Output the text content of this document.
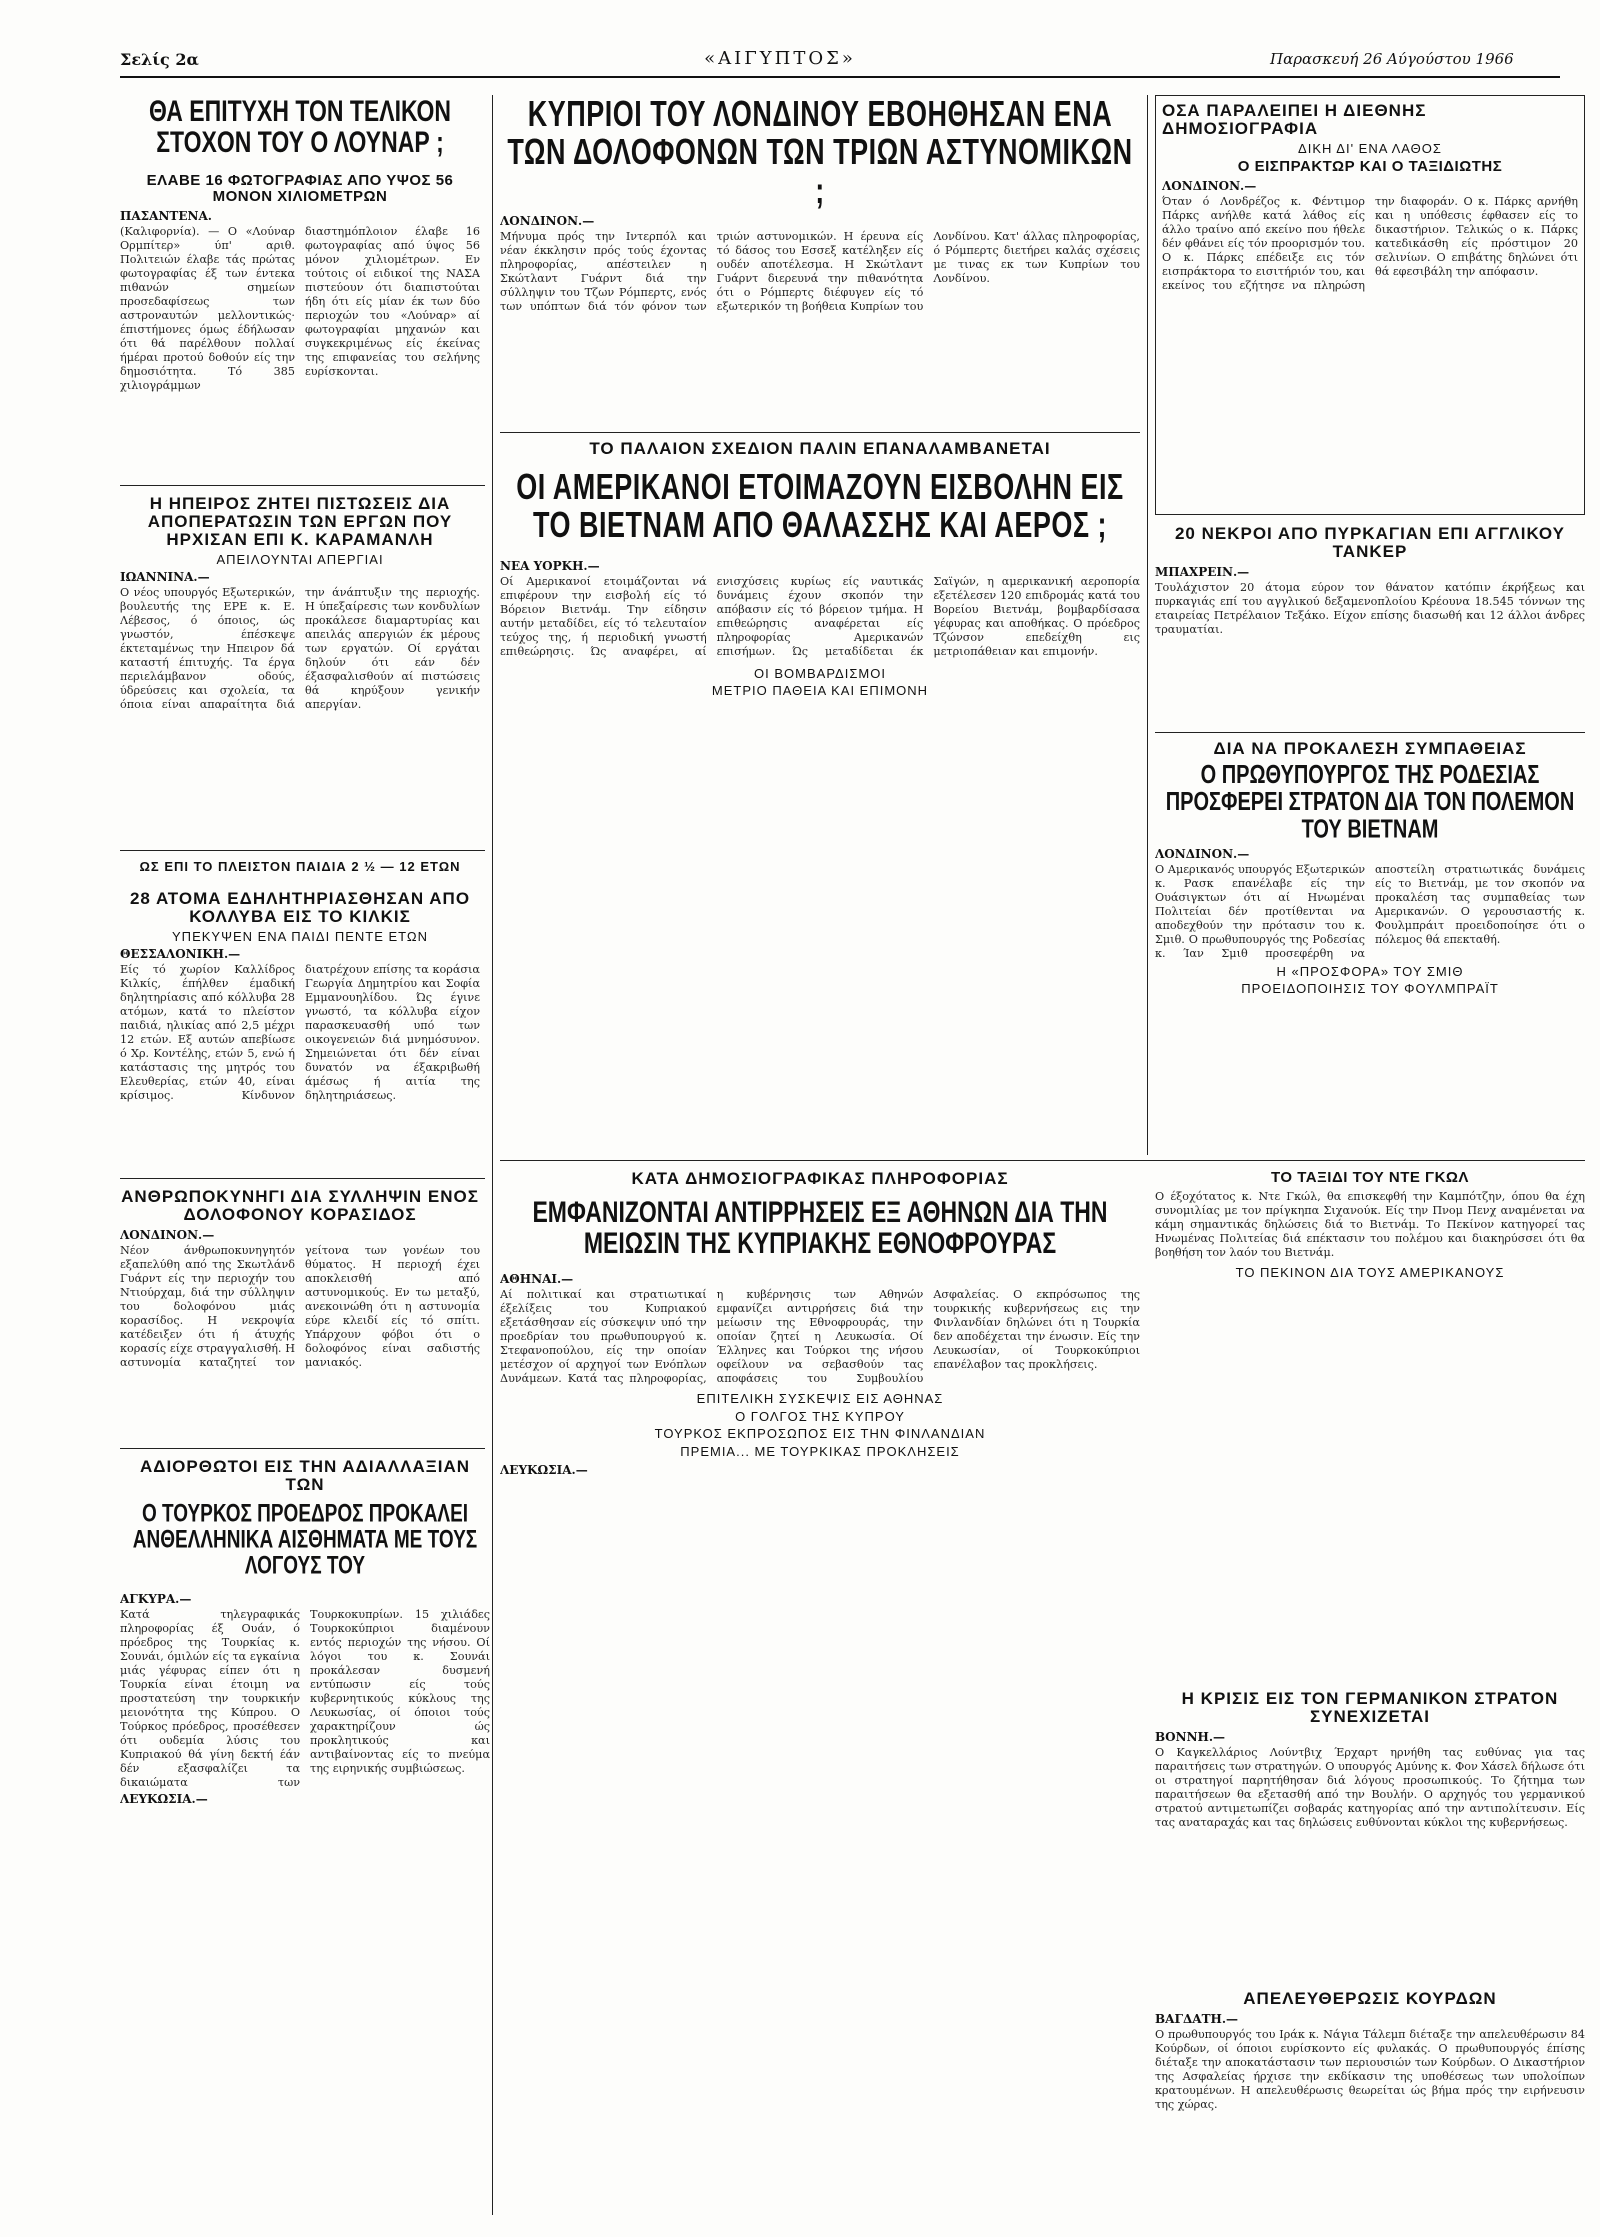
Σελίς 2α	«ΑΙΓΥΠΤΟΣ»	Παρασκευή 26 Αύγούστου 1966
ΘΑ ΕΠΙΤΥΧΗ ΤΟΝ ΤΕΛΙΚΟΝ ΣΤΟΧΟΝ ΤΟΥ Ο ΛΟΥΝΑΡ ;
ΕΛΑΒΕ 16 ΦΩΤΟΓΡΑΦΙΑΣ ΑΠΟ ΥΨΟΣ 56 ΜΟΝΟΝ ΧΙΛΙΟΜΕΤΡΩΝ
ΠΑΣΑΝΤΕΝΑ.

(Καλιφορνία). — Ο «Λούναρ Ορμπίτερ» ύπ' αριθ. Πολιτειών έλαβε τάς πρώτας φωτογραφίας έξ των έντεκα πιθανών σημείων προσεδαφίσεως των αστροναυτών μελλοντικώς· έπιστήμονες όμως έδήλωσαν ότι θά παρέλθουν πολλαί ήμέραι προτού δοθούν είς την δημοσιότητα. Τό 385 χιλιογράμμων διαστημόπλοιον έλαβε 16 φωτογραφίας από ύψος 56 μόνον χιλιομέτρων. Εν τούτοις οί ειδικοί της ΝΑΣΑ πιστεύουν ότι διαπιστούται ήδη ότι είς μίαν έκ των δύο περιοχών του «Λούναρ» αί φωτογραφίαι μηχανών και συγκεκριμένως είς έκείνας της επιφανείας του σελήνης ευρίσκονται.

Η ΗΠΕΙΡΟΣ ΖΗΤΕΙ ΠΙΣΤΩΣΕΙΣ ΔΙΑ ΑΠΟΠΕΡΑΤΩΣΙΝ ΤΩΝ ΕΡΓΩΝ ΠΟΥ ΗΡΧΙΣΑΝ ΕΠΙ Κ. ΚΑΡΑΜΑΝΛΗ
ΑΠΕΙΛΟΥΝΤΑΙ ΑΠΕΡΓΙΑΙ
ΙΩΑΝΝΙΝΑ.—

Ο νέος υπουργός Εξωτερικών, βουλευτής της ΕΡΕ κ. Ε. Λέβεσος, ό όποιος, ώς γνωστόν, έπέσκεψε έκτεταμένως την Ηπειρον δά καταστή έπιτυχής. Τα έργα περιελάμβανον οδούς, ύδρεύσεις και σχολεία, τα όποια είναι απαραίτητα διά την άνάπτυξιν της περιοχής. Η ύπεξαίρεσις των κονδυλίων προκάλεσε διαμαρτυρίας και απειλάς απεργιών έκ μέρους των εργατών. Οί εργάται δηλούν ότι εάν δέν έξασφαλισθούν αί πιστώσεις θά κηρύξουν γενικήν απεργίαν.

ΩΣ ΕΠΙ ΤΟ ΠΛΕΙΣΤΟΝ ΠΑΙΔΙΑ 2 ½ — 12 ΕΤΩΝ
28 ΑΤΟΜΑ ΕΔΗΛΗΤΗΡΙΑΣΘΗΣΑΝ ΑΠΟ ΚΟΛΛΥΒΑ ΕΙΣ ΤΟ ΚΙΛΚΙΣ
ΥΠΕΚΥΨΕΝ ΕΝΑ ΠΑΙΔΙ ΠΕΝΤΕ ΕΤΩΝ
ΘΕΣΣΑΛΟΝΙΚΗ.—

Είς τό χωρίον Καλλίδρος Κιλκίς, έπήλθεν έμαδική δηλητηρίασις από κόλλυβα 28 ατόμων, κατά το πλείστον παιδιά, ηλικίας από 2,5 μέχρι 12 ετών. Εξ αυτών απεβίωσε ό Χρ. Κοντέλης, ετών 5, ενώ ή κατάστασις της μητρός του Ελευθερίας, ετών 40, είναι κρίσιμος. Κίνδυνον διατρέχουν επίσης τα κοράσια Γεωργία Δημητρίου και Σοφία Εμμανουηλίδου. Ώς έγινε γνωστό, τα κόλλυβα είχον παρασκευασθή υπό των οικογενειών διά μνημόσυνον. Σημειώνεται ότι δέν είναι δυνατόν να έξακριβωθή άμέσως ή αιτία της δηλητηριάσεως.

ΑΝΘΡΩΠΟΚΥΝΗΓΙ ΔΙΑ ΣΥΛΛΗΨΙΝ ΕΝΟΣ ΔΟΛΟΦΟΝΟΥ ΚΟΡΑΣΙΔΟΣ
ΛΟΝΔΙΝΟΝ.—

Νέον άνθρωποκυνηγητόν εξαπελύθη από της Σκωτλάνδ Γυάρντ είς την περιοχήν του Ντιούρχαμ, διά την σύλληψιν του δολοφόνου μιάς κορασίδος. Η νεκροψία κατέδειξεν ότι ή άτυχής κορασίς είχε στραγγαλισθή. Η αστυνομία καταζητεί τον γείτονα των γονέων του θύματος. Η περιοχή έχει αποκλεισθή από αστυνομικούς. Εν τω μεταξύ, ανεκοινώθη ότι η αστυνομία εύρε κλειδί είς τό σπίτι. Υπάρχουν φόβοι ότι ο δολοφόνος είναι σαδιστής μανιακός.

ΚΥΠΡΙΟΙ ΤΟΥ ΛΟΝΔΙΝΟΥ ΕΒΟΗΘΗΣΑΝ ΕΝΑ ΤΩΝ ΔΟΛΟΦΟΝΩΝ ΤΩΝ ΤΡΙΩΝ ΑΣΤΥΝΟΜΙΚΩΝ ;
ΛΟΝΔΙΝΟΝ.—

Μήνυμα πρός την Ιντερπόλ και νέαν έκκλησιν πρός τούς έχοντας πληροφορίας, απέστειλεν η Σκώτλαντ Γυάρντ διά την σύλληψιν του Τζων Ρόμπερτς, ενός των υπόπτων διά τόν φόνον των τριών αστυνομικών. Η έρευνα είς τό δάσος του Εσσεξ κατέληξεν είς ουδέν αποτέλεσμα. Η Σκώτλαντ Γυάρντ διερευνά την πιθανότητα ότι ο Ρόμπερτς διέφυγεν είς τό εξωτερικόν τη βοήθεια Κυπρίων του Λονδίνου. Κατ' άλλας πληροφορίας, ό Ρόμπερτς διετήρει καλάς σχέσεις με τινας εκ των Κυπρίων του Λονδίνου.

ΤΟ ΠΑΛΑΙΟΝ ΣΧΕΔΙΟΝ ΠΑΛΙΝ ΕΠΑΝΑΛΑΜΒΑΝΕΤΑΙ
ΟΙ ΑΜΕΡΙΚΑΝΟΙ ΕΤΟΙΜΑΖΟΥΝ ΕΙΣΒΟΛΗΝ ΕΙΣ ΤΟ ΒΙΕΤΝΑΜ ΑΠΟ ΘΑΛΑΣΣΗΣ ΚΑΙ ΑΕΡΟΣ ;
ΝΕΑ ΥΟΡΚΗ.—

Οί Αμερικανοί ετοιμάζονται νά επιφέρουν την εισβολή είς τό Βόρειον Βιετνάμ. Την είδησιν αυτήν μεταδίδει, είς τό τελευταίον τεύχος της, ή περιοδική γνωστή επιθεώρησις. Ώς αναφέρει, αί ενισχύσεις κυρίως είς ναυτικάς δυνάμεις έχουν σκοπόν την απόβασιν είς τό βόρειον τμήμα. Η επιθεώρησις αναφέρεται είς πληροφορίας Αμερικανών επισήμων. Ώς μεταδίδεται έκ Σαϊγών, η αμερικανική αεροπορία εξετέλεσεν 120 επιδρομάς κατά του Βορείου Βιετνάμ, βομβαρδίσασα γέφυρας και αποθήκας. Ο πρόεδρος Τζώνσον επεδείχθη εις μετριοπάθειαν και επιμονήν.

ΟΙ ΒΟΜΒΑΡΔΙΣΜΟΙ
ΜΕΤΡΙΟ ΠΑΘΕΙΑ ΚΑΙ ΕΠΙΜΟΝΗ
ΟΣΑ ΠΑΡΑΛΕΙΠΕΙ Η ΔΙΕΘΝΗΣ ΔΗΜΟΣΙΟΓΡΑΦΙΑ
ΔΙΚΗ ΔΙ' ΕΝΑ ΛΑΘΟΣ
Ο ΕΙΣΠΡΑΚΤΩΡ ΚΑΙ Ο ΤΑΞΙΔΙΩΤΗΣ
ΛΟΝΔΙΝΟΝ.—

Όταν ό Λονδρέζος κ. Φέντιμορ Πάρκς ανήλθε κατά λάθος είς άλλο τραίνο από εκείνο που ήθελε δέν φθάνει είς τόν προορισμόν του. Ο κ. Πάρκς επέδειξε εις τόν εισπράκτορα το εισιτήριόν του, και εκείνος του εζήτησε να πληρώση την διαφοράν. Ο κ. Πάρκς αρνήθη και η υπόθεσις έφθασεν είς το δικαστήριον. Τελικώς ο κ. Πάρκς κατεδικάσθη είς πρόστιμον 20 σελινίων. Ο επιβάτης δηλώνει ότι θά εφεσιβάλη την απόφασιν.

20 ΝΕΚΡΟΙ ΑΠΟ ΠΥΡΚΑΓΙΑΝ ΕΠΙ ΑΓΓΛΙΚΟΥ ΤΑΝΚΕΡ
ΜΠΑΧΡΕΙΝ.—

Τουλάχιστον 20 άτομα εύρον τον θάνατον κατόπιν έκρήξεως και πυρκαγιάς επί του αγγλικού δεξαμενοπλοίου Κρέουνα 18.545 τόννων της εταιρείας Πετρέλαιον Τεξάκο. Είχον επίσης διασωθή και 12 άλλοι άνδρες τραυματίαι.

ΔΙΑ ΝΑ ΠΡΟΚΑΛΕΣΗ ΣΥΜΠΑΘΕΙΑΣ
Ο ΠΡΩΘΥΠΟΥΡΓΟΣ ΤΗΣ ΡΟΔΕΣΙΑΣ ΠΡΟΣΦΕΡΕΙ ΣΤΡΑΤΟΝ ΔΙΑ ΤΟΝ ΠΟΛΕΜΟΝ ΤΟΥ ΒΙΕΤΝΑΜ
ΛΟΝΔΙΝΟΝ.—

Ο Αμερικανός υπουργός Εξωτερικών κ. Ρασκ επανέλαβε είς την Ουάσιγκτων ότι αί Ηνωμέναι Πολιτείαι δέν προτίθενται να αποδεχθούν την πρότασιν του κ. Σμιθ. Ο πρωθυπουργός της Ροδεσίας κ. Ίαν Σμιθ προσεφέρθη να αποστείλη στρατιωτικάς δυνάμεις είς το Βιετνάμ, με τον σκοπόν να προκαλέση τας συμπαθείας των Αμερικανών. Ο γερουσιαστής κ. Φουλμπράιτ προειδοποίησε ότι ο πόλεμος θά επεκταθή.

Η «ΠΡΟΣΦΟΡΑ» ΤΟΥ ΣΜΙΘ
ΠΡΟΕΙΔΟΠΟΙΗΣΙΣ ΤΟΥ ΦΟΥΛΜΠΡΑΪΤ
ΚΑΤΑ ΔΗΜΟΣΙΟΓΡΑΦΙΚΑΣ ΠΛΗΡΟΦΟΡΙΑΣ
ΕΜΦΑΝΙΖΟΝΤΑΙ ΑΝΤΙΡΡΗΣΕΙΣ ΕΞ ΑΘΗΝΩΝ ΔΙΑ ΤΗΝ ΜΕΙΩΣΙΝ ΤΗΣ ΚΥΠΡΙΑΚΗΣ ΕΘΝΟΦΡΟΥΡΑΣ
ΑΘΗΝΑΙ.—

Αί πολιτικαί και στρατιωτικαί έξελίξεις του Κυπριακού εξετάσθησαν είς σύσκεψιν υπό την προεδρίαν του πρωθυπουργού κ. Στεφανοπούλου, είς την οποίαν μετέσχον οί αρχηγοί των Ενόπλων Δυνάμεων. Κατά τας πληροφορίας, η κυβέρνησις των Αθηνών εμφανίζει αντιρρήσεις διά την μείωσιν της Εθνοφρουράς, την οποίαν ζητεί η Λευκωσία. Οί Έλληνες και Τούρκοι της νήσου οφείλουν να σεβασθούν τας αποφάσεις του Συμβουλίου Ασφαλείας. Ο εκπρόσωπος της τουρκικής κυβερνήσεως εις την Φινλανδίαν δηλώνει ότι η Τουρκία δεν αποδέχεται την ένωσιν. Είς την Λευκωσίαν, οί Τουρκοκύπριοι επανέλαβον τας προκλήσεις.

ΕΠΙΤΕΛΙΚΗ ΣΥΣΚΕΨΙΣ ΕΙΣ ΑΘΗΝΑΣ
Ο ΓΟΛΓΟΣ ΤΗΣ ΚΥΠΡΟΥ
ΤΟΥΡΚΟΣ ΕΚΠΡΟΣΩΠΟΣ ΕΙΣ ΤΗΝ ΦΙΝΛΑΝΔΙΑΝ
ΠΡΕΜΙΑ... ΜΕ ΤΟΥΡΚΙΚΑΣ ΠΡΟΚΛΗΣΕΙΣ
ΛΕΥΚΩΣΙΑ.—
ΤΟ ΤΑΞΙΔΙ ΤΟΥ ΝΤΕ ΓΚΩΛ

Ο έξοχότατος κ. Ντε Γκώλ, θα επισκεφθή την Καμπότζην, όπου θα έχη συνομιλίας με τον πρίγκηπα Σιχανούκ. Είς την Πνομ Πενχ αναμένεται να κάμη σημαντικάς δηλώσεις διά το Βιετνάμ. Το Πεκίνον κατηγορεί τας Ηνωμένας Πολιτείας διά επέκτασιν του πολέμου και διακηρύσσει ότι θα βοηθήση τον λαόν του Βιετνάμ.

ΤΟ ΠΕΚΙΝΟΝ ΔΙΑ ΤΟΥΣ ΑΜΕΡΙΚΑΝΟΥΣ
Η ΚΡΙΣΙΣ ΕΙΣ ΤΟΝ ΓΕΡΜΑΝΙΚΟΝ ΣΤΡΑΤΟΝ ΣΥΝΕΧΙΖΕΤΑΙ
ΒΟΝΝΗ.—

Ο Καγκελλάριος Λούντβιχ Έρχαρτ ηρνήθη τας ευθύνας για τας παραιτήσεις των στρατηγών. Ο υπουργός Αμύνης κ. Φον Χάσελ δήλωσε ότι οι στρατηγοί παρητήθησαν διά λόγους προσωπικούς. Το ζήτημα των παραιτήσεων θα εξετασθή από την Βουλήν. Ο αρχηγός του γερμανικού στρατού αντιμετωπίζει σοβαράς κατηγορίας από την αντιπολίτευσιν. Είς τας αναταραχάς και τας δηλώσεις ευθύνονται κύκλοι της κυβερνήσεως.

ΑΔΙΟΡΘΩΤΟΙ ΕΙΣ ΤΗΝ ΑΔΙΑΛΛΑΞΙΑΝ ΤΩΝ
Ο ΤΟΥΡΚΟΣ ΠΡΟΕΔΡΟΣ ΠΡΟΚΑΛΕΙ ΑΝΘΕΛΛΗΝΙΚΑ ΑΙΣΘΗΜΑΤΑ ΜΕ ΤΟΥΣ ΛΟΓΟΥΣ ΤΟΥ
ΑΓΚΥΡΑ.—

Κατά τηλεγραφικάς πληροφορίας έξ Ουάν, ό πρόεδρος της Τουρκίας κ. Σουνάι, όμιλών είς τα εγκαίνια μιάς γέφυρας είπεν ότι η Τουρκία είναι έτοιμη να προστατεύση την τουρκικήν μειονότητα της Κύπρου. Ο Τούρκος πρόεδρος, προσέθεσεν ότι ουδεμία λύσις του Κυπριακού θά γίνη δεκτή έάν δέν εξασφαλίζει τα δικαιώματα των Τουρκοκυπρίων. 15 χιλιάδες Τουρκοκύπριοι διαμένουν εντός περιοχών της νήσου. Οί λόγοι του κ. Σουνάι προκάλεσαν δυσμενή εντύπωσιν είς τούς κυβερνητικούς κύκλους της Λευκωσίας, οί όποιοι τούς χαρακτηρίζουν ώς προκλητικούς και αντιβαίνοντας είς το πνεύμα της ειρηνικής συμβιώσεως.

ΛΕΥΚΩΣΙΑ.—
ΑΠΕΛΕΥΘΕΡΩΣΙΣ ΚΟΥΡΔΩΝ
ΒΑΓΔΑΤΗ.—

Ο πρωθυπουργός του Ιράκ κ. Νάγια Τάλεμπ διέταξε την απελευθέρωσιν 84 Κούρδων, οί όποιοι ευρίσκοντο είς φυλακάς. Ο πρωθυπουργός έπίσης διέταξε την αποκατάστασιν των περιουσιών των Κούρδων. Ο Δικαστήριον της Ασφαλείας ήρχισε την εκδίκασιν της υποθέσεως των υπολοίπων κρατουμένων. Η απελευθέρωσις θεωρείται ώς βήμα πρός την ειρήνευσιν της χώρας.
